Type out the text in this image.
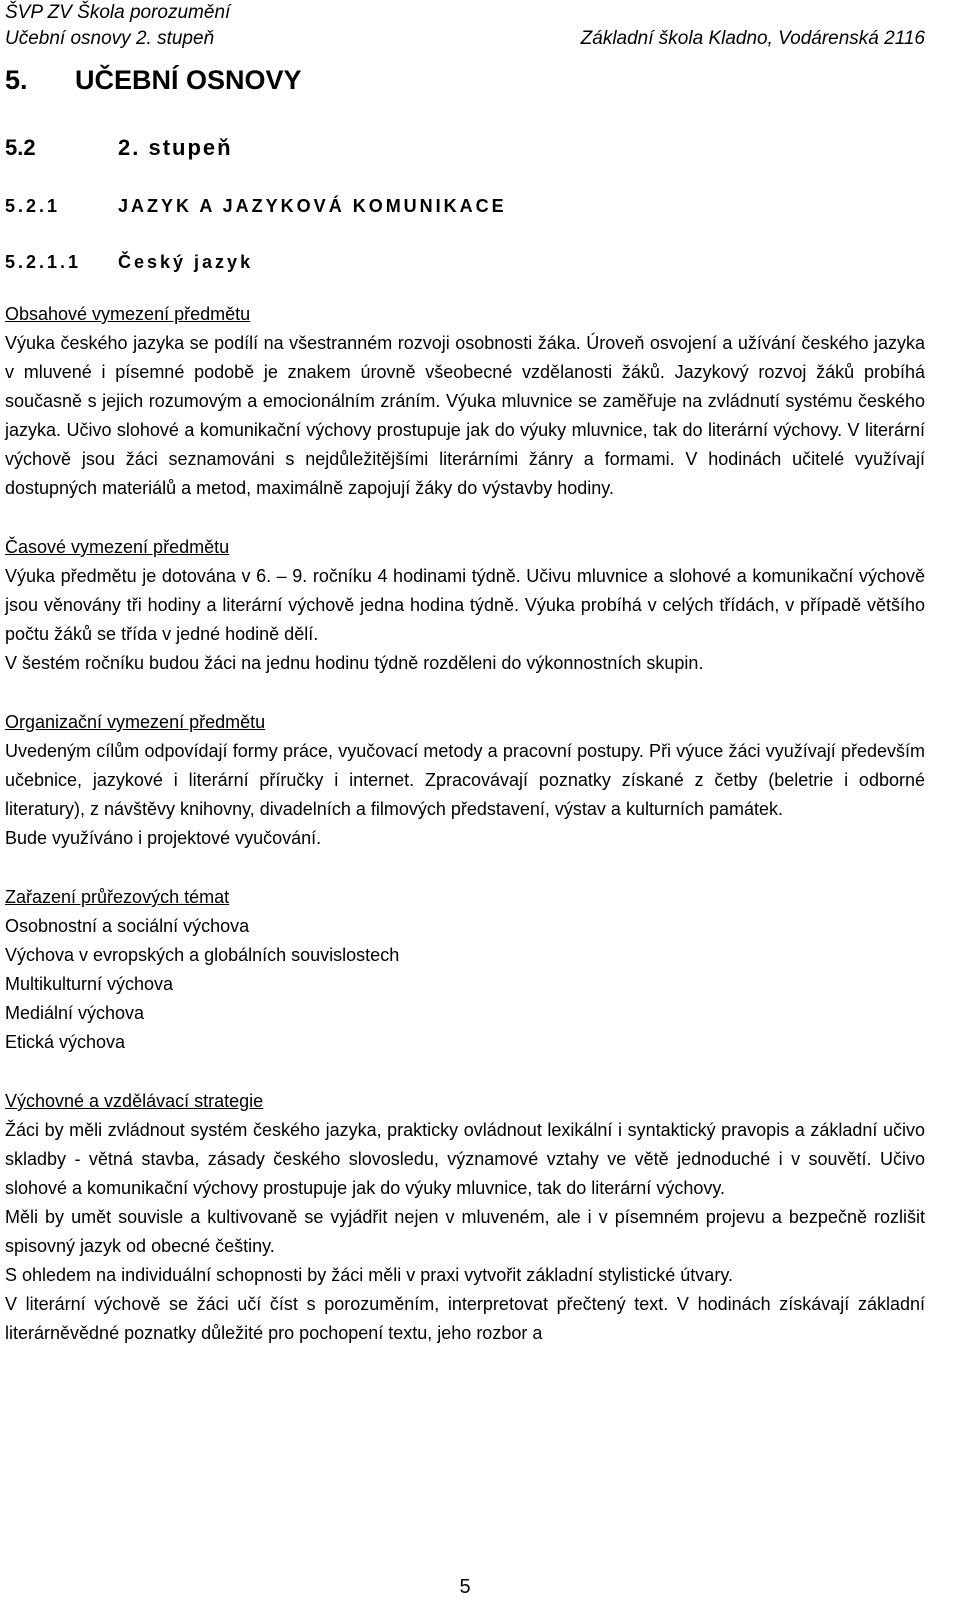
ŠVP ZV Škola porozumění
Učební osnovy 2. stupeň	Základní škola Kladno, Vodárenská 2116
5.	UČEBNÍ OSNOVY
5.2	2. stupeň
5.2.1	JAZYK A JAZYKOVÁ KOMUNIKACE
5.2.1.1	Český jazyk
Obsahové vymezení předmětu
Výuka českého jazyka se podílí na všestranném rozvoji osobnosti žáka. Úroveň osvojení a užívání českého jazyka v mluvené i písemné podobě je znakem úrovně všeobecné vzdělanosti žáků. Jazykový rozvoj žáků probíhá současně s jejich rozumovým a emocionálním zráním. Výuka mluvnice se zaměřuje na zvládnutí systému českého jazyka. Učivo slohové a komunikační výchovy prostupuje jak do výuky mluvnice, tak do literární výchovy. V literární výchově jsou žáci seznamováni s nejdůležitějšími literárními žánry a formami. V hodinách učitelé využívají dostupných materiálů a metod, maximálně zapojují žáky do výstavby hodiny.
Časové vymezení předmětu
Výuka předmětu je dotována v 6. – 9. ročníku 4 hodinami týdně. Učivu mluvnice a slohové a komunikační výchově jsou věnovány tři hodiny a literární výchově jedna hodina týdně. Výuka probíhá v celých třídách, v případě většího počtu žáků se třída v jedné hodině dělí.
V šestém ročníku budou žáci na jednu hodinu týdně rozděleni do výkonnostních skupin.
Organizační vymezení předmětu
Uvedeným cílům odpovídají formy práce, vyučovací metody a pracovní postupy. Při výuce žáci využívají především učebnice, jazykové i literární příručky i internet. Zpracovávají poznatky získané z četby (beletrie i odborné literatury), z návštěvy knihovny, divadelních a filmových představení, výstav a kulturních památek.
Bude využíváno i projektové vyučování.
Zařazení průřezových témat
Osobnostní a sociální výchova
Výchova v evropských a globálních souvislostech
Multikulturní výchova
Mediální výchova
Etická výchova
Výchovné a vzdělávací strategie
Žáci by měli zvládnout systém českého jazyka, prakticky ovládnout lexikální i syntaktický pravopis a základní učivo skladby - větná stavba, zásady českého slovosledu, významové vztahy ve větě jednoduché i v souvětí. Učivo slohové a komunikační výchovy prostupuje jak do výuky mluvnice, tak do literární výchovy.
Měli by umět souvisle a kultivovaně se vyjádřit nejen v mluveném, ale i v písemném projevu a bezpečně rozlišit spisovný jazyk od obecné češtiny.
S ohledem na individuální schopnosti by žáci měli v praxi vytvořit základní stylistické útvary.
V literární výchově se žáci učí číst s porozuměním, interpretovat přečtený text. V hodinách získávají základní literárněvědné poznatky důležité pro pochopení textu, jeho rozbor a
5
